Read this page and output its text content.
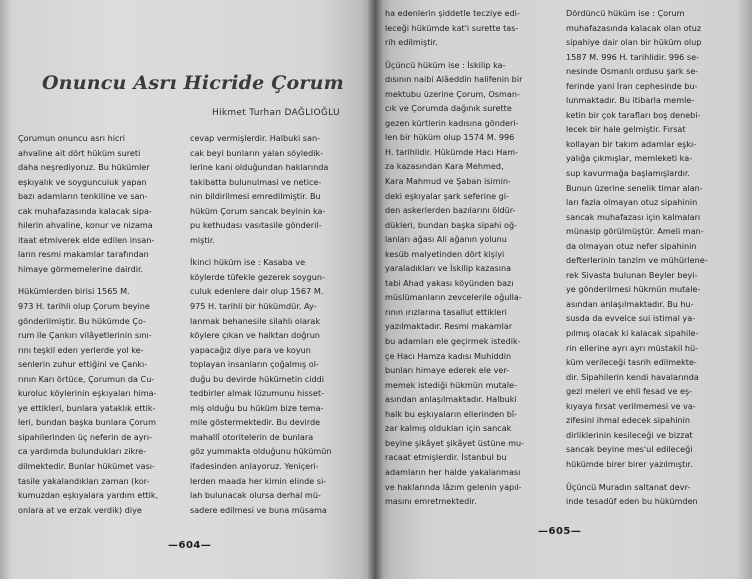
Onuncu Asrı Hicride Çorum
Hikmet Turhan DAĞLIOĞLU
Çorumun onuncu asrı hicri
ahvaline ait dört hüküm sureti
daha neşrediyoruz. Bu hükümler
eşkıyalık ve soyguncuiuk yapan
bazı adamların tenkiline ve san-
cak muhafazasında kalacak sipa-
hilerin ahvaline, konur ve nizama
itaat etmiverek elde edilen insan-
ların resmi makamlar tarafından
himaye görmemelerine dairdir.
Hükümlerden birisi 1565 M.
973 H. tarihli olup Çorum beyine
gönderilmiştir. Bu hükümde Ço-
rum ile Çankırı vilâyetlerinin sını-
rını teşkil eden yerlerde yol ke-
senlerin zuhur ettiğini ve Çankı-
rının Karı örtüce, Çorumun da Cu-
kuroluc köylerinin eşkıyaları hima-
ye ettikleri, bunlara yataklık ettik-
leri, bundan başka bunlara Çorum
sipahilerinden üç neferin de ayrı-
ca yardımda bulundukları zikre-
dilmektedir. Bunlar hükümet vası-
tasile yakalandıkları zaman (kor-
kumuzdan eşkıyalara yardım ettik,
onlara at ve erzak verdik) diye
cevap vermişlerdir. Halbuki san-
cak beyi bunların yalan söyledik-
lerine kani olduğundan haklarında
takibatta bulunulmasi ve netice-
nin bildirilmesi emredilmiştir. Bu
hüküm Çorum sancak beyinin ka-
pu kethudası vasıtasile gönderil-
miştir.
İkinci hüküm ise : Kasaba ve
köylerde tüfekle gezerek soygun-
culuk edenlere dair olup 1567 M.
975 H. tarihli bir hükümdür. Ay-
lanmak behanesile silahlı olarak
köylere çıkan ve halktan doğrun
yapacağız diye para ve koyun
toplayan insanların çoğalmış ol-
duğu bu devirde hükümetin ciddi
tedbirler almak lüzumunu hisset-
miş olduğu bu hüküm bize tema-
mile göstermektedir. Bu devirde
mahallî otoritelerin de bunlara
göz yummakta olduğunu hükümün
ifadesinden anlayoruz. Yeniçeri-
lerden maada her kimin elinde si-
lah bulunacak olursa derhal mü-
sadere edilmesi ve buna müsama
ha edenlerin şiddetle tecziye edi-
leceği hükümde kat'i surette tas-
rih edilmiştir.
Üçüncü hüküm ise : İskilip ka-
dısının naibi Alâeddin halifenin bir
mektubu üzerine Çorum, Osman-
cık ve Çorumda dağınık surette
gezen kürtlerin kadısına gönderi-
len bir hüküm olup 1574 M. 996
H. tarihlidir. Hükümde Hacı Ham-
za kazasından Kara Mehmed,
Kara Mahmud ve Şaban isimin-
deki eşkıyalar şark seferine gi-
den askerlerden bazılarını öldür-
dükleri, bundan başka sipahi oğ-
lanları ağası Ali ağanın yolunu
kesüb malyetinden dört kişiyi
yaraladıkları ve İskilip kazasına
tabi Ahad yakası köyünden bazı
müslümanların zevcelerile oğulla-
rının ırızlarına tasallut ettikleri
yazılmaktadır. Resmi makamlar
bu adamları ele geçirmek istedik-
çe Hacı Hamza kadısı Muhiddin
bunları himaye ederek ele ver-
memek istediği hükmün mutale-
asından anlaşılmaktadır. Halbuki
halk bu eşkıyaların ellerinden bî-
zar kalmış oldukları için sancak
beyine şikâyet şikâyet üstüne mu-
racaat etmişlerdir. İstanbul bu
adamların her halde yakalanması
ve haklarında lâzım gelenin yapıl-
masını emretmektedir.
Dördüncü hüküm ise : Çorum
muhafazasında kalacak olan otuz
sipahiye dair olan bir hüküm olup
1587 M. 996 H. tarihlidir. 996 se-
nesinde Osmanlı ordusu şark se-
ferinde yani İran cephesinde bu-
lunmaktadır. Bu itibarla memle-
ketin bir çok tarafları boş denebi-
lecek bir hale gelmiştir. Fırsat
kollayan bir takım adamlar eşkı-
yalığa çıkmışlar, memleketi ka-
sup kavurmağa başlamışlardır.
Bunun üzerine senelik timar alan-
ları fazla olmayan otuz sipahinin
sancak muhafazası için kalmaları
münasip görülmüştür. Ameli man-
da olmayan otuz nefer sipahinin
defterlerinin tanzim ve mühürlene-
rek Sivasta bulunan Beyler beyi-
ye gönderilmesi hükmün mutale-
asından anlaşılmaktadır. Bu hu-
susda da evvelce sui istimal ya-
pılmış olacak ki kalacak sipahile-
rin ellerine ayrı ayrı müstakil hü-
küm verileceği tasrih edilmekte-
dir. Sipahilerin kendi havalarında
gezi meleri ve ehli fesad ve eş-
kıyaya fırsat verilmemesi ve va-
zifesini ihmal edecek sipahinin
dirliklerinin kesileceği ve bizzat
sancak beyine mes'ul edileceği
hükümde birer birer yazılmıştır.
Üçüncü Muradın saltanat devr-
inde tesadüf eden bu hükümden
—604—
—605—
